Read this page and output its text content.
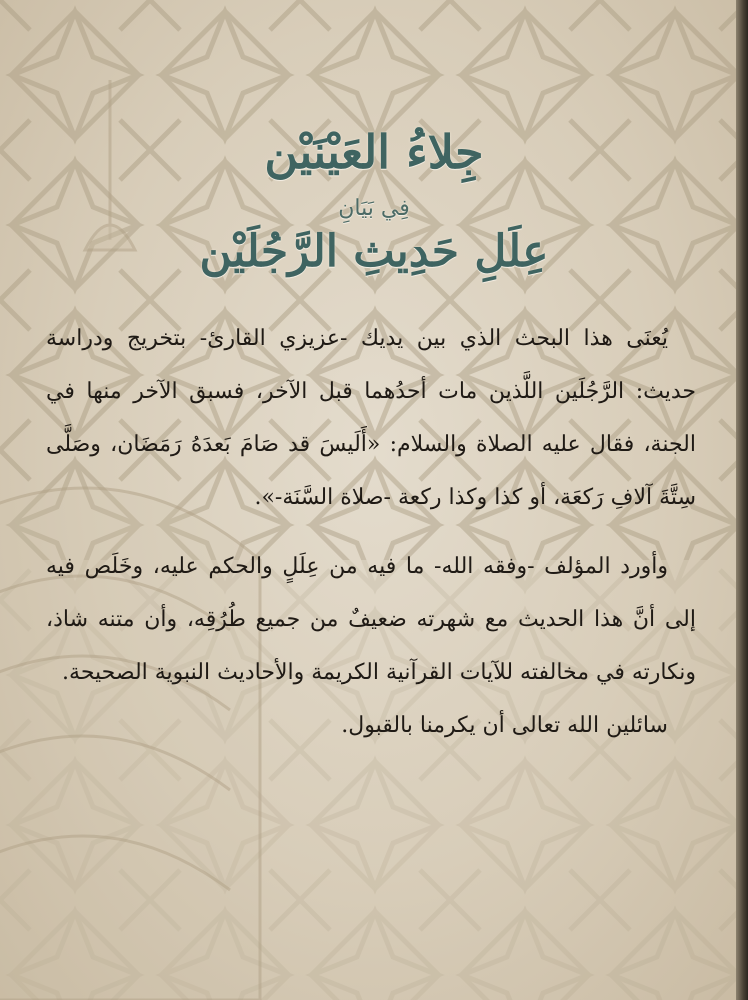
جِلاءُ العَيْنَيْن
فِي بَيَانِ
عِلَلِ حَدِيثِ الرَّجُلَيْن

يُعنَى هذا البحث الذي بين يديك -عزيزي القارئ- بتخريج ودراسة حديث: الرَّجُلَين اللَّذين مات أحدُهما قبل الآخر، فسبق الآخر منها في الجنة، فقال عليه الصلاة والسلام: «أَلَيسَ قد صَامَ بَعدَهُ رَمَضَان، وصَلَّى سِتَّةَ آلافِ رَكعَة، أو كذا وكذا ركعة -صلاة السَّنَة-».

وأورد المؤلف -وفقه الله- ما فيه من عِلَلٍ والحكم عليه، وخَلَص فيه إلى أنَّ هذا الحديث مع شهرته ضعيفٌ من جميع طُرُقِه، وأن متنه شاذ، ونكارته في مخالفته للآيات القرآنية الكريمة والأحاديث النبوية الصحيحة.

سائلين الله تعالى أن يكرمنا بالقبول.
